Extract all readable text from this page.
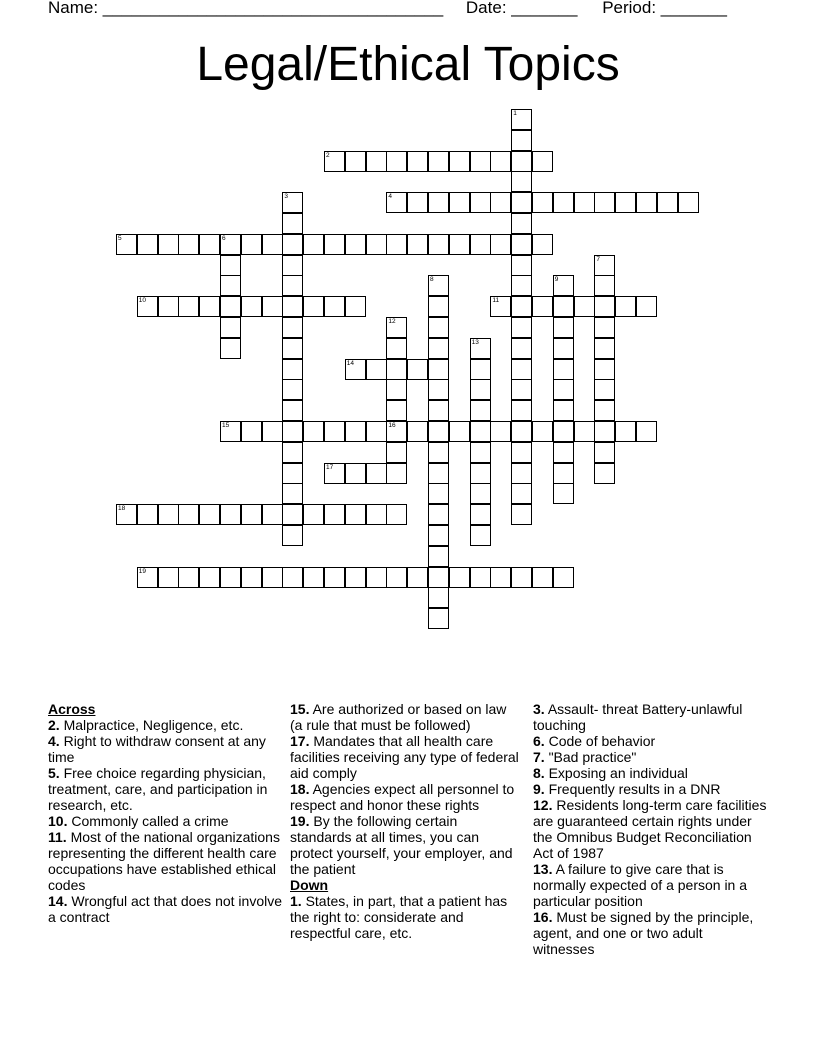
Name: ____________________________________ Date: _______ Period: _______
Legal/Ethical Topics
1
2
3	4
5	6
7
8	9
10	11
12
16
13
14
15
17
18
19
Across
2. Malpractice, Negligence, etc.
4. Right to withdraw consent at any time
5. Free choice regarding physician, treatment, care, and participation in research, etc.
10. Commonly called a crime
11. Most of the national organizations representing the different health care occupations have established ethical codes
14. Wrongful act that does not involve a contract
15. Are authorized or based on law (a rule that must be followed)
17. Mandates that all health care facilities receiving any type of federal aid comply
18. Agencies expect all personnel to respect and honor these rights
19. By the following certain standards at all times, you can protect yourself, your employer, and the patient
Down
1. States, in part, that a patient has the right to: considerate and respectful care, etc.
3. Assault- threat Battery-unlawful touching
6. Code of behavior
7. "Bad practice"
8. Exposing an individual
9. Frequently results in a DNR
12. Residents long-term care facilities are guaranteed certain rights under the Omnibus Budget Reconciliation Act of 1987
13. A failure to give care that is normally expected of a person in a particular position
16. Must be signed by the principle, agent, and one or two adult witnesses
